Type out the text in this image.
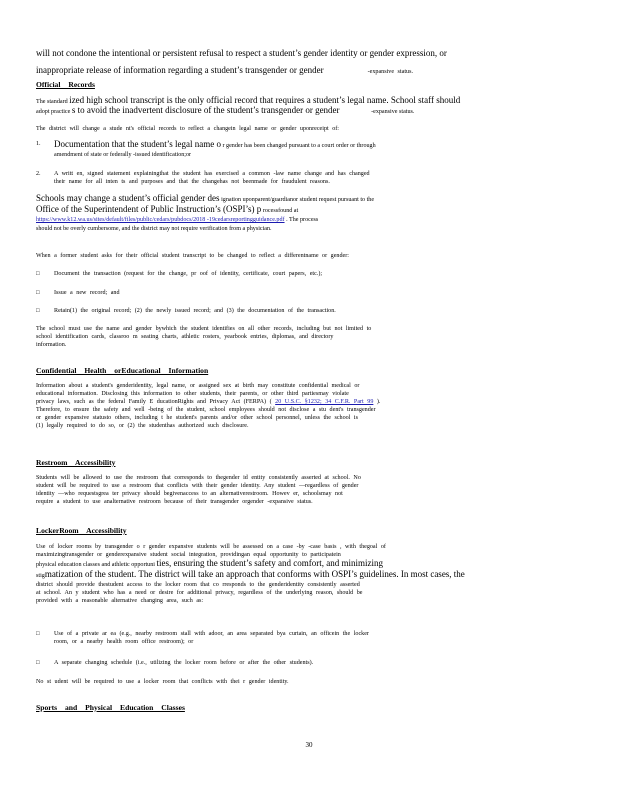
will not condone the intentional or persistent refusal to respect a student’s gender identity or gender expression, or
inappropriate release of information regarding a student’s transgender or gender	-expansive status.
Official Records
The standard ized high school transcript is the only official record that requires a student’s legal name. School staff should
adopt practice s to avoid the inadvertent disclosure of the student’s transgender or gender	-expansive status.
The district will change a stude nt's official records to reflect a changein legal name or gender uponreceipt of:
1.	Documentation that the student’s legal name o r gender has been changed pursuant to a court order or through
amendment of state or federally -issued identification;or
2.	A writt en, signed statement explainingthat the student has exercised a common -law name change and has changed
their name for all inten ts and purposes and that the changehas not beenmade for fraudulent reasons.
Schools may change a student’s official gender des ignation uponparent/guardianor student request pursuant to the
Office of the Superintendent of Public Instruction’s (OSPI’s) p rocessfound at
https://www.k12.wa.us/sites/default/files/public/cedars/pubdocs/2018 -19cedarsreportingguidance.pdf . The process
should not be overly cumbersome, and the district may not require verification from a physician.
When a former student asks for their official student transcript to be changed to reflect a differentname or gender:
□	Document the transaction (request for the change, pr oof of identity, certificate, court papers, etc.);
□	Issue a new record; and
□	Retain(1) the original record; (2) the newly issued record; and (3) the documentation of the transaction.
The school must use the name and gender bywhich the student identifies on all other records, including but not limited to
school identification cards, classroo m seating charts, athletic rosters, yearbook entries, diplomas, and directory
information.
Confidential Health orEducational Information
Information about a student's genderidentity, legal name, or assigned sex at birth may constitute confidential medical or
educational information. Disclosing this information to other students, their parents, or other third partiesmay violate
privacy laws, such as the federal Family E ducationRights and Privacy Act (FERPA) ( 20 U.S.C. §1232; 34 C.F.R. Part 99 ).
Therefore, to ensure the safety and well -being of the student, school employees should not disclose a stu dent's transgender
or gender expansive statusto others, including t he student's parents and/or other school personnel, unless the school is
(1) legally required to do so, or (2) the studenthas authorized such disclosure.
Restroom Accessibility
Students will be allowed to use the restroom that corresponds to thegender id entity consistently asserted at school. No
student will be required to use a restroom that conflicts with their gender identity. Any student —regardless of gender
identity —who requestsgrea ter privacy should begivenaccess to an alternativerestroom. Howev er, schoolsmay not
require a student to use analternative restroom because of their transgender orgender -expansive status.
LockerRoom Accessibility
Use of locker rooms by transgender o r gender expansive students will be assessed on a case -by -case basis , with thegoal of
maximizingtransgender or genderexpansive student social integration, providingan equal opportunity to participatein
physical education classes and athletic opportuni ties, ensuring the student’s safety and comfort, and minimizing
stigmatization of the student. The district will take an approach that conforms with OSPI’s guidelines. In most cases, the
district should provide thestudent access to the locker room that co rresponds to the genderidentity consistently asserted
at school. An y student who has a need or desire for additional privacy, regardless of the underlying reason, should be
provided with a reasonable alternative changing area, such as:
□	Use of a private ar ea (e.g., nearby restroom stall with adoor, an area separated bya curtain, an officein the locker
room, or a nearby health room office restroom); or
□	A separate changing schedule (i.e., utilizing the locker room before or after the other students).
No st udent will be required to use a locker room that conflicts with thei r gender identity.
Sports and Physical Education Classes
30
